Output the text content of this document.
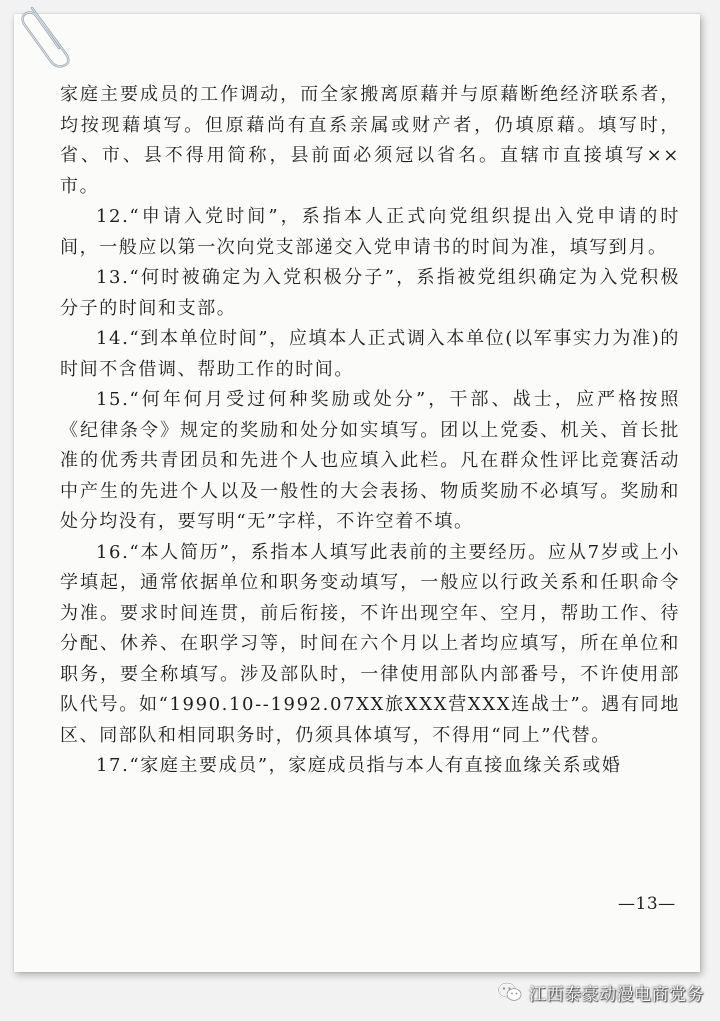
家庭主要成员的工作调动，而全家搬离原藉并与原藉断绝经济联系者，均按现藉填写。但原藉尚有直系亲属或财产者，仍填原藉。填写时，省、市、县不得用简称，县前面必须冠以省名。直辖市直接填写××市。

12.“申请入党时间”，系指本人正式向党组织提出入党申请的时间，一般应以第一次向党支部递交入党申请书的时间为准，填写到月。

13.“何时被确定为入党积极分子”，系指被党组织确定为入党积极分子的时间和支部。

14.“到本单位时间”，应填本人正式调入本单位(以军事实力为准)的时间不含借调、帮助工作的时间。

15.“何年何月受过何种奖励或处分”，干部、战士，应严格按照《纪律条令》规定的奖励和处分如实填写。团以上党委、机关、首长批准的优秀共青团员和先进个人也应填入此栏。凡在群众性评比竞赛活动中产生的先进个人以及一般性的大会表扬、物质奖励不必填写。奖励和处分均没有，要写明“无”字样，不许空着不填。

16.“本人简历”，系指本人填写此表前的主要经历。应从7岁或上小学填起，通常依据单位和职务变动填写，一般应以行政关系和任职命令为准。要求时间连贯，前后衔接，不许出现空年、空月，帮助工作、待分配、休养、在职学习等，时间在六个月以上者均应填写，所在单位和职务，要全称填写。涉及部队时，一律使用部队内部番号，不许使用部队代号。如“1990.10--1992.07XX旅XXX营XXX连战士”。遇有同地区、同部队和相同职务时，仍须具体填写，不得用“同上”代替。

17.“家庭主要成员”，家庭成员指与本人有直接血缘关系或婚

—13—
江西泰豪动漫电商党务
